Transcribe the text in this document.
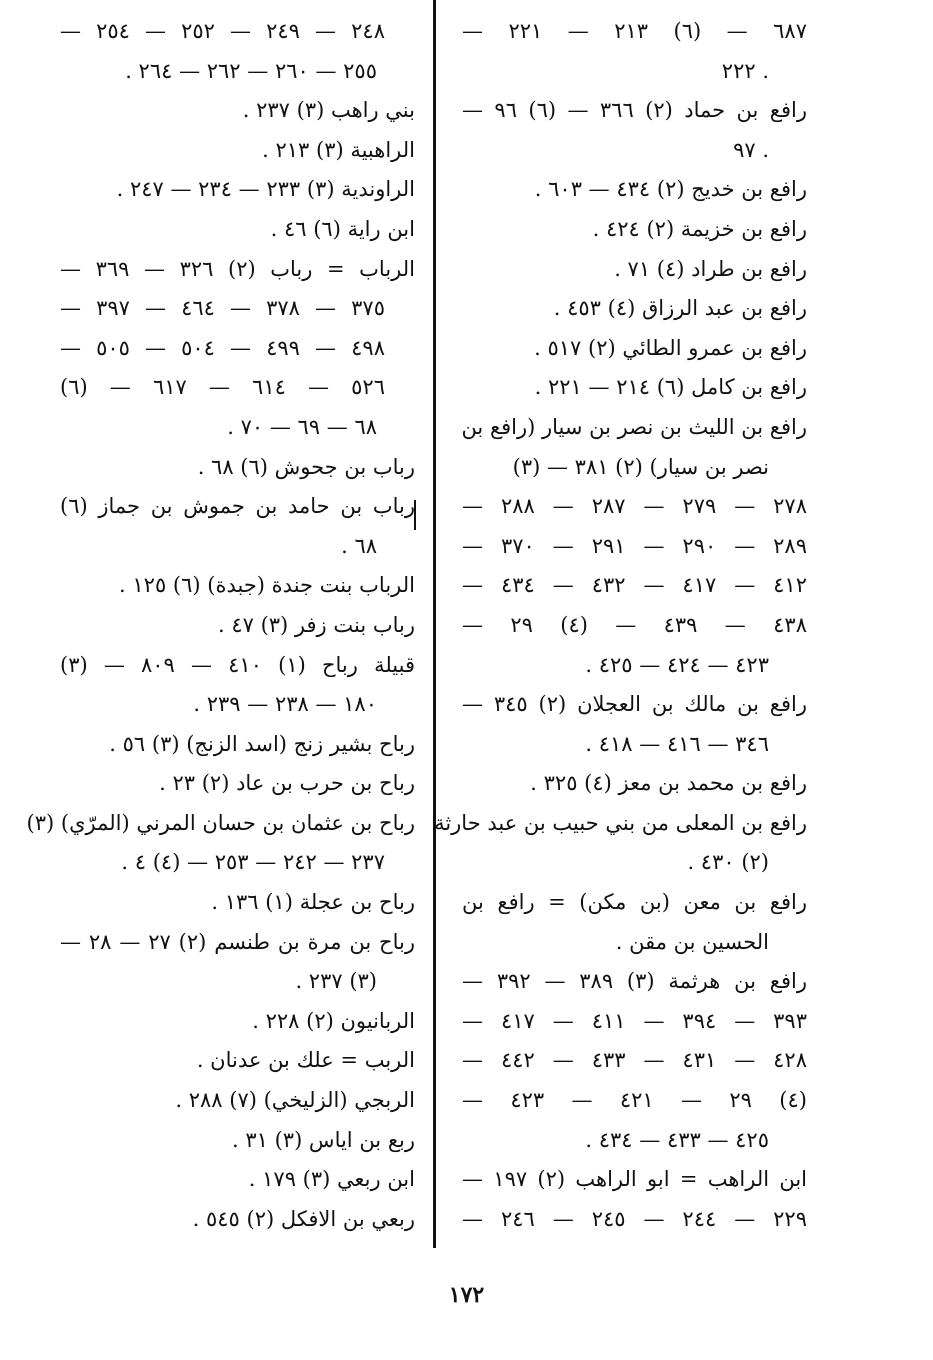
٦٨٧ — (٦) ٢١٣ — ٢٢١ —
. ٢٢٢
رافع بن حماد (٢) ٣٦٦ — (٦) ٩٦ —
. ٩٧
رافع بن خديج (٢) ٤٣٤ — ٦٠٣ .
رافع بن خزيمة (٢) ٤٢٤ .
رافع بن طراد (٤) ٧١ .
رافع بن عبد الرزاق (٤) ٤٥٣ .
رافع بن عمرو الطائي (٢) ٥١٧ .
رافع بن كامل (٦) ٢١٤ — ٢٢١ .
رافع بن الليث بن نصر بن سيار (رافع بن
نصر بن سيار) (٢) ٣٨١ — (٣)
٢٧٨ — ٢٧٩ — ٢٨٧ — ٢٨٨ —
٢٨٩ — ٢٩٠ — ٢٩١ — ٣٧٠ —
٤١٢ — ٤١٧ — ٤٣٢ — ٤٣٤ —
٤٣٨ — ٤٣٩ — (٤) ٢٩ —
٤٢٣ — ٤٢٤ — ٤٢٥ .
رافع بن مالك بن العجلان (٢) ٣٤٥ —
٣٤٦ — ٤١٦ — ٤١٨ .
رافع بن محمد بن معز (٤) ٣٢٥ .
رافع بن المعلى من بني حبيب بن عبد حارثة
(٢) ٤٣٠ .
رافع بن معن (بن مكن) = رافع بن
الحسين بن مقن .
رافع بن هرثمة (٣) ٣٨٩ — ٣٩٢ —
٣٩٣ — ٣٩٤ — ٤١١ — ٤١٧ —
٤٢٨ — ٤٣١ — ٤٣٣ — ٤٤٢ —
(٤) ٢٩ — ٤٢١ — ٤٢٣ —
٤٢٥ — ٤٣٣ — ٤٣٤ .
ابن الراهب = ابو الراهب (٢) ١٩٧ —
٢٢٩ — ٢٤٤ — ٢٤٥ — ٢٤٦ —
٢٤٨ — ٢٤٩ — ٢٥٢ — ٢٥٤ —
٢٥٥ — ٢٦٠ — ٢٦٢ — ٢٦٤ .
بني راهب (٣) ٢٣٧ .
الراهبية (٣) ٢١٣ .
الراوندية (٣) ٢٣٣ — ٢٣٤ — ٢٤٧ .
ابن راية (٦) ٤٦ .
الرباب = رباب (٢) ٣٢٦ — ٣٦٩ —
٣٧٥ — ٣٧٨ — ٤٦٤ — ٣٩٧ —
٤٩٨ — ٤٩٩ — ٥٠٤ — ٥٠٥ —
٥٢٦ — ٦١٤ — ٦١٧ — (٦)
٦٨ — ٦٩ — ٧٠ .
رباب بن جحوش (٦) ٦٨ .
رباب بن حامد بن جموش بن جماز (٦)
٦٨ .
الرباب بنت جندة (جبدة) (٦) ١٢٥ .
رباب بنت زفر (٣) ٤٧ .
قبيلة رباح (١) ٤١٠ — ٨٠٩ — (٣)
١٨٠ — ٢٣٨ — ٢٣٩ .
رباح بشير زنج (اسد الزنج) (٣) ٥٦ .
رباح بن حرب بن عاد (٢) ٢٣ .
رباح بن عثمان بن حسان المرني (المرّي) (٣)
٢٣٧ — ٢٤٢ — ٢٥٣ — (٤) ٤ .
رباح بن عجلة (١) ١٣٦ .
رباح بن مرة بن طنسم (٢) ٢٧ — ٢٨ —
(٣) ٢٣٧ .
الربانيون (٢) ٢٢٨ .
الربب = علك بن عدنان .
الربجي (الزليخي) (٧) ٢٨٨ .
ربع بن اياس (٣) ٣١ .
ابن ربعي (٣) ١٧٩ .
ربعي بن الافكل (٢) ٥٤٥ .
١٧٢
